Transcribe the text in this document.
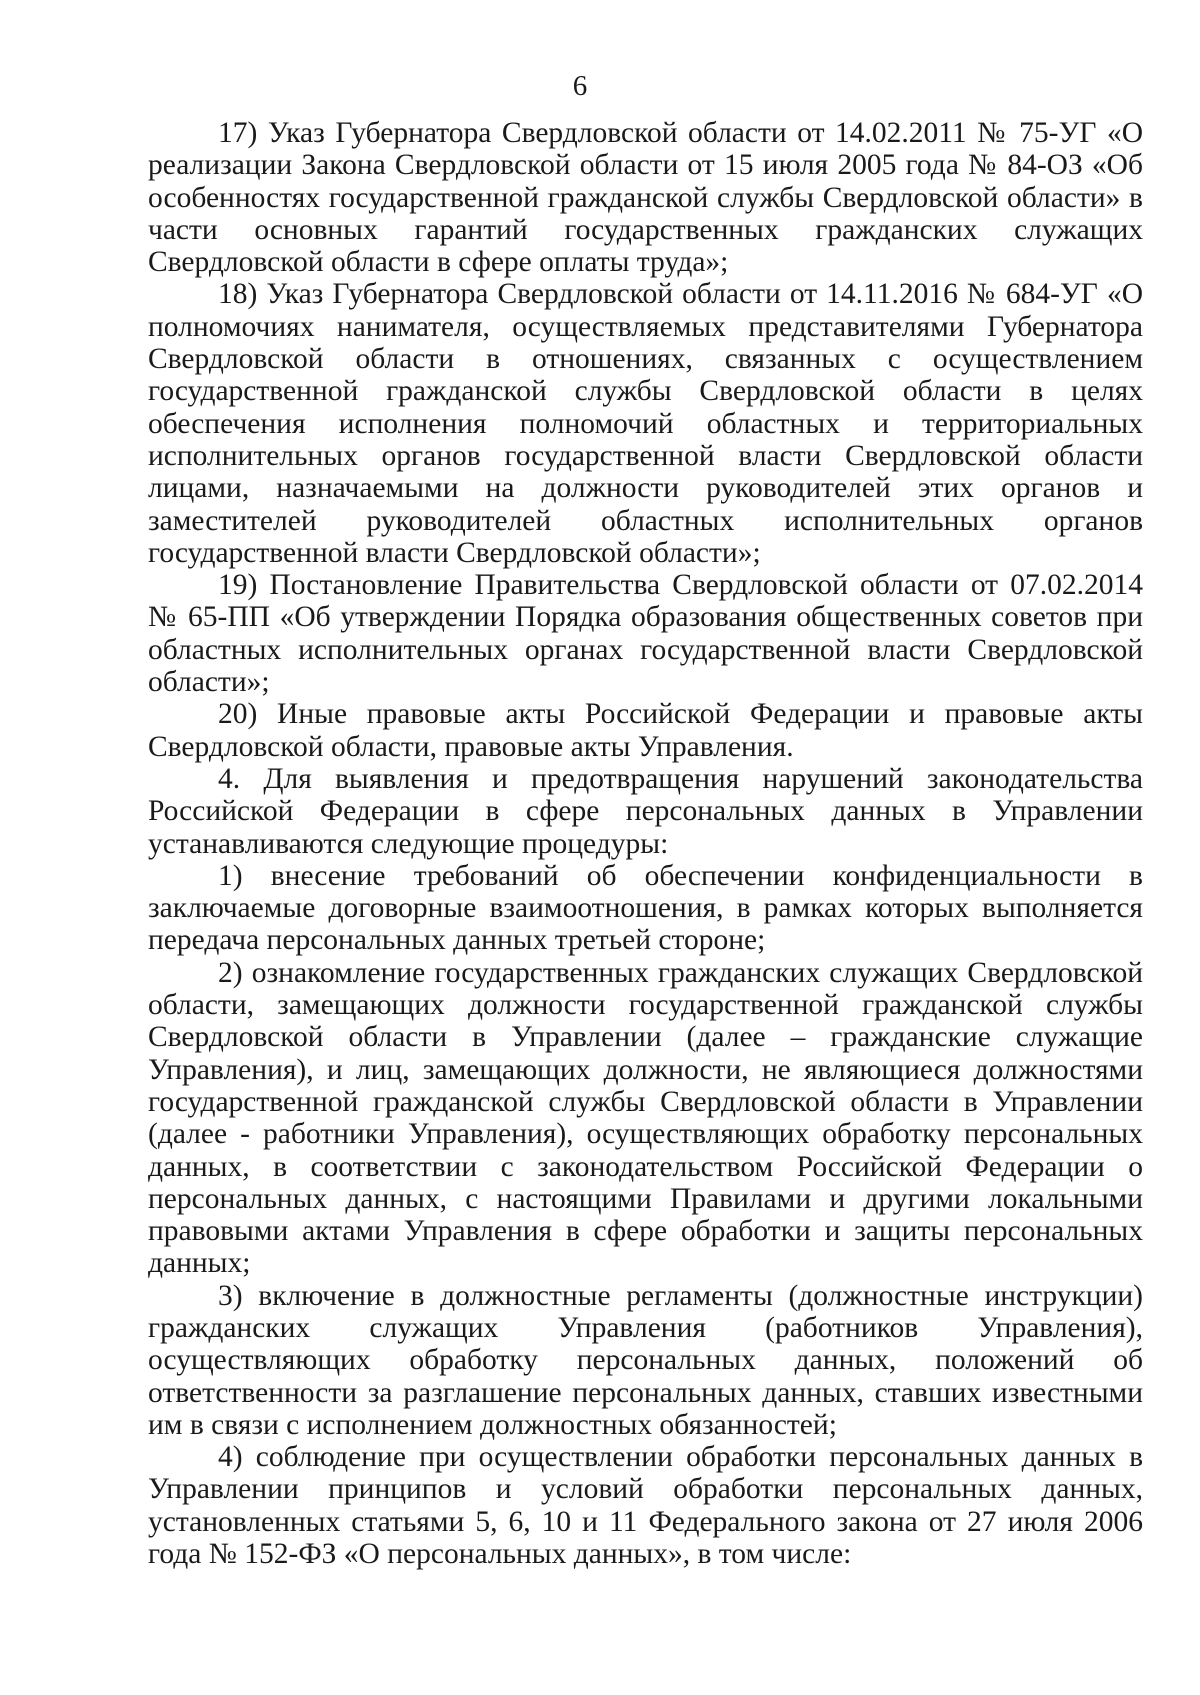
6

17) Указ Губернатора Свердловской области от 14.02.2011 № 75-УГ «О реализации Закона Свердловской области от 15 июля 2005 года № 84-ОЗ «Об особенностях государственной гражданской службы Свердловской области» в части основных гарантий государственных гражданских служащих Свердловской области в сфере оплаты труда»;

18) Указ Губернатора Свердловской области от 14.11.2016 № 684-УГ «О полномочиях нанимателя, осуществляемых представителями Губернатора Свердловской области в отношениях, связанных с осуществлением государственной гражданской службы Свердловской области в целях обеспечения исполнения полномочий областных и территориальных исполнительных органов государственной власти Свердловской области лицами, назначаемыми на должности руководителей этих органов и заместителей руководителей областных исполнительных органов государственной власти Свердловской области»;

19) Постановление Правительства Свердловской области от 07.02.2014 № 65-ПП «Об утверждении Порядка образования общественных советов при областных исполнительных органах государственной власти Свердловской области»;

20) Иные правовые акты Российской Федерации и правовые акты Свердловской области, правовые акты Управления.

4. Для выявления и предотвращения нарушений законодательства Российской Федерации в сфере персональных данных в Управлении устанавливаются следующие процедуры:

1) внесение требований об обеспечении конфиденциальности в заключаемые договорные взаимоотношения, в рамках которых выполняется передача персональных данных третьей стороне;

2) ознакомление государственных гражданских служащих Свердловской области, замещающих должности государственной гражданской службы Свердловской области в Управлении (далее – гражданские служащие Управления), и лиц, замещающих должности, не являющиеся должностями государственной гражданской службы Свердловской области в Управлении (далее - работники Управления), осуществляющих обработку персональных данных, в соответствии с законодательством Российской Федерации о персональных данных, с настоящими Правилами и другими локальными правовыми актами Управления в сфере обработки и защиты персональных данных;

3) включение в должностные регламенты (должностные инструкции) гражданских служащих Управления (работников Управления), осуществляющих обработку персональных данных, положений об ответственности за разглашение персональных данных, ставших известными им в связи с исполнением должностных обязанностей;

4) соблюдение при осуществлении обработки персональных данных в Управлении принципов и условий обработки персональных данных, установленных статьями 5, 6, 10 и 11 Федерального закона от 27 июля 2006 года № 152-ФЗ «О персональных данных», в том числе:
